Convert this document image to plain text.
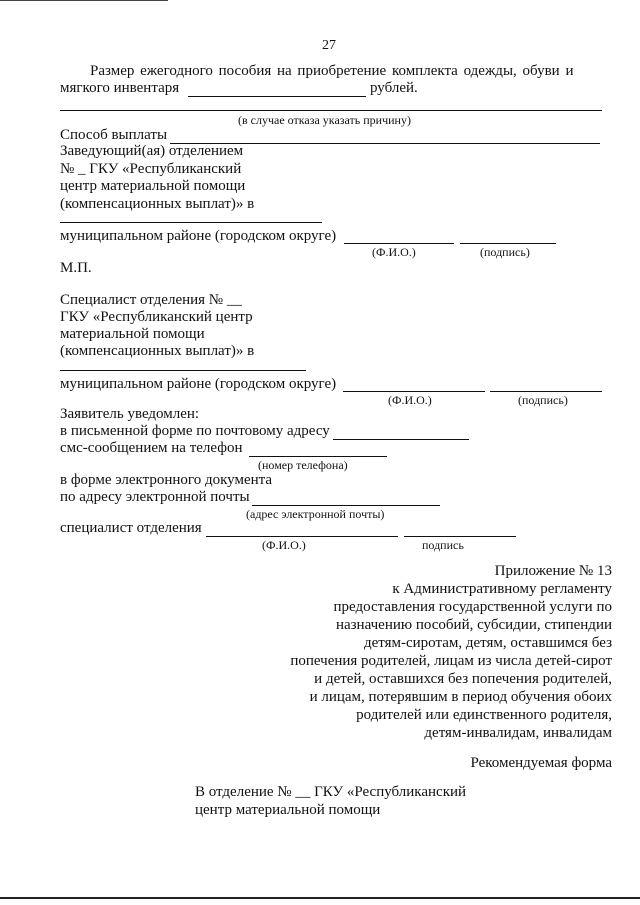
27
Размер ежегодного пособия на приобретение комплекта одежды, обуви и
мягкого инвентаря	рублей.
(в случае отказа указать причину)
Способ выплаты
Заведующий(ая) отделением
№ _ ГКУ «Республиканский
центр материальной помощи
(компенсационных выплат)» в
муниципальном районе (городском округе)
(Ф.И.О.)	(подпись)
М.П.
Специалист отделения № __
ГКУ «Республиканский центр
материальной помощи
(компенсационных выплат)» в
муниципальном районе (городском округе)
(Ф.И.О.)	(подпись)
Заявитель уведомлен:
в письменной форме по почтовому адресу
смс-сообщением на телефон
(номер телефона)
в форме электронного документа
по адресу электронной почты
(адрес электронной почты)
специалист отделения
(Ф.И.О.)	подпись
Приложение № 13
к Административному регламенту
предоставления государственной услуги по
назначению пособий, субсидии, стипендии
детям-сиротам, детям, оставшимся без
попечения родителей, лицам из числа детей-сирот
и детей, оставшихся без попечения родителей,
и лицам, потерявшим в период обучения обоих
родителей или единственного родителя,
детям-инвалидам, инвалидам
Рекомендуемая форма
В отделение № __ ГКУ «Республиканский
центр материальной помощи
